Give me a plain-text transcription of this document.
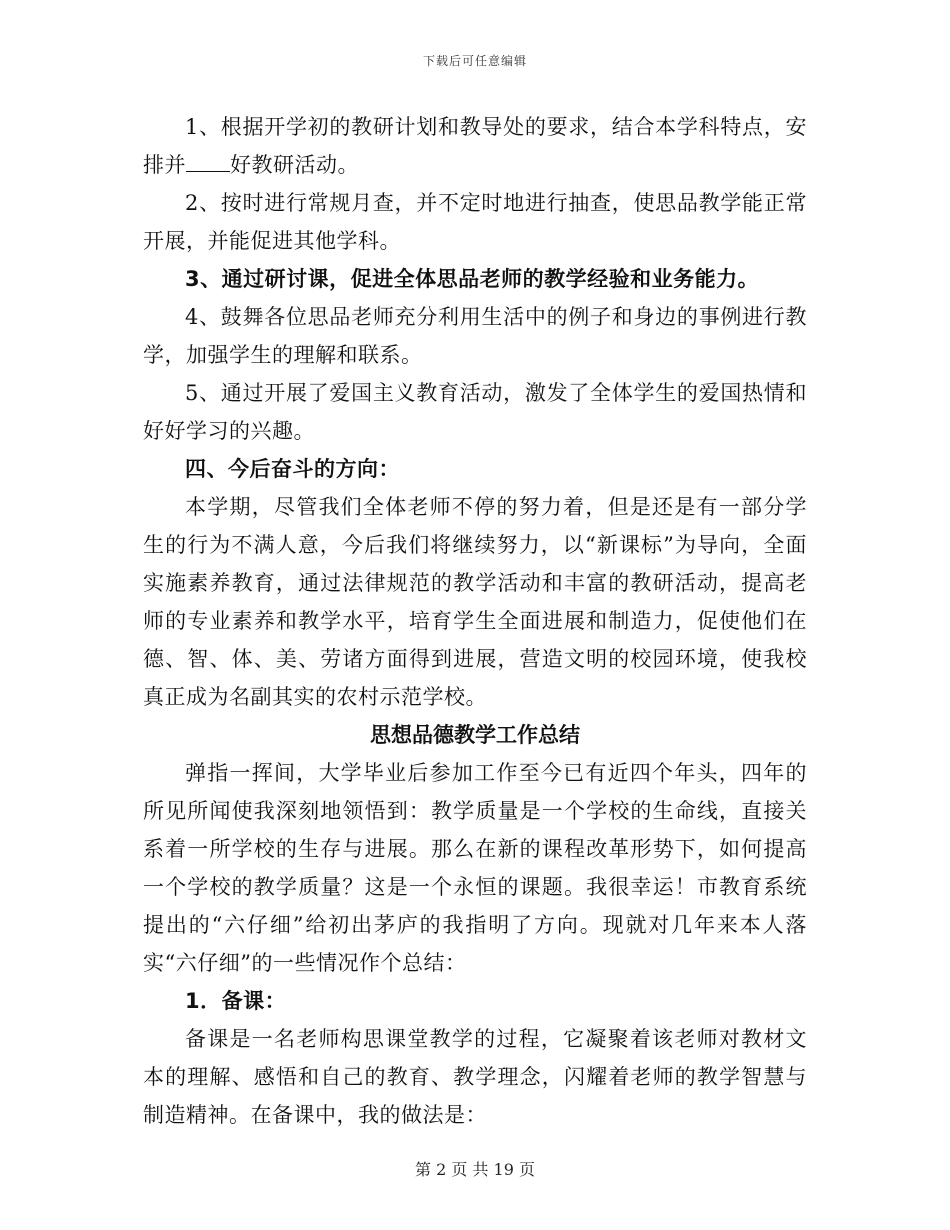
下载后可任意编辑

1、根据开学初的教研计划和教导处的要求，结合本学科特点，安排并 好教研活动。

2、按时进行常规月查，并不定时地进行抽查，使思品教学能正常开展，并能促进其他学科。

3、通过研讨课，促进全体思品老师的教学经验和业务能力。

4、鼓舞各位思品老师充分利用生活中的例子和身边的事例进行教学，加强学生的理解和联系。

5、通过开展了爱国主义教育活动，激发了全体学生的爱国热情和好好学习的兴趣。

四、今后奋斗的方向：

本学期，尽管我们全体老师不停的努力着，但是还是有一部分学生的行为不满人意，今后我们将继续努力，以“新课标”为导向，全面实施素养教育，通过法律规范的教学活动和丰富的教研活动，提高老师的专业素养和教学水平，培育学生全面进展和制造力，促使他们在德、智、体、美、劳诸方面得到进展，营造文明的校园环境，使我校真正成为名副其实的农村示范学校。

思想品德教学工作总结

弹指一挥间，大学毕业后参加工作至今已有近四个年头，四年的所见所闻使我深刻地领悟到：教学质量是一个学校的生命线，直接关系着一所学校的生存与进展。那么在新的课程改革形势下，如何提高一个学校的教学质量？这是一个永恒的课题。我很幸运！市教育系统提出的“六仔细”给初出茅庐的我指明了方向。现就对几年来本人落实“六仔细”的一些情况作个总结：

1．备课：

备课是一名老师构思课堂教学的过程，它凝聚着该老师对教材文本的理解、感悟和自己的教育、教学理念，闪耀着老师的教学智慧与制造精神。在备课中，我的做法是：

第 2 页 共 19 页
